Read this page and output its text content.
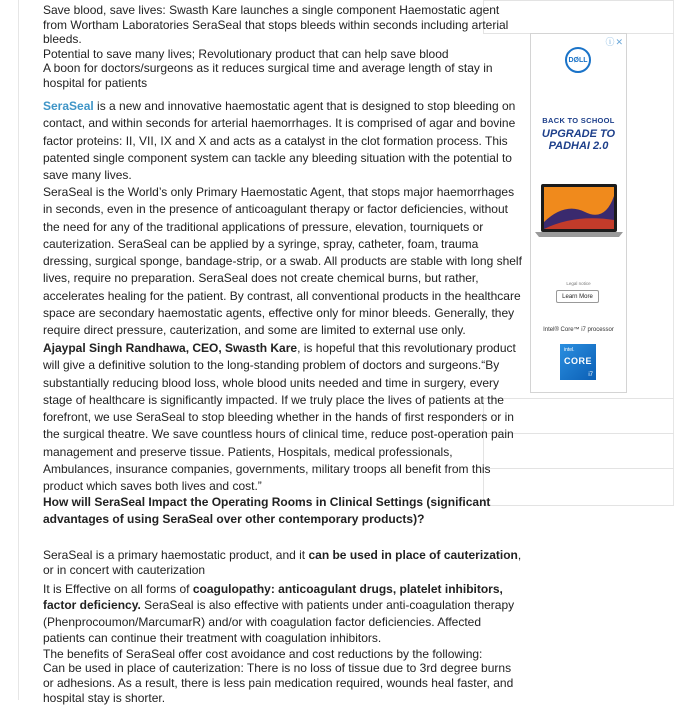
Save blood, save lives: Swasth Kare launches a single component Haemostatic agent from Wortham Laboratories SeraSeal that stops bleeds within seconds including arterial bleeds.

Potential to save many lives; Revolutionary product that can help save blood

A boon for doctors/surgeons as it reduces surgical time and average length of stay in hospital for patients

SeraSeal is a new and innovative haemostatic agent that is designed to stop bleeding on contact, and within seconds for arterial haemorrhages. It is comprised of agar and bovine factor proteins: II, VII, IX and X and acts as a catalyst in the clot formation process. This patented single component system can tackle any bleeding situation with the potential to save many lives.

SeraSeal is the World’s only Primary Haemostatic Agent, that stops major haemorrhages in seconds, even in the presence of anticoagulant therapy or factor deficiencies, without the need for any of the traditional applications of pressure, elevation, tourniquets or cauterization. SeraSeal can be applied by a syringe, spray, catheter, foam, trauma dressing, surgical sponge, bandage-strip, or a swab. All products are stable with long shelf lives, require no preparation. SeraSeal does not create chemical burns, but rather, accelerates healing for the patient. By contrast, all conventional products in the healthcare space are secondary haemostatic agents, effective only for minor bleeds. Generally, they require direct pressure, cauterization, and some are limited to external use only.

Ajaypal Singh Randhawa, CEO, Swasth Kare, is hopeful that this revolutionary product will give a definitive solution to the long-standing problem of doctors and surgeons.“By substantially reducing blood loss, whole blood units needed and time in surgery, every stage of healthcare is significantly impacted. If we truly place the lives of patients at the forefront, we use SeraSeal to stop bleeding whether in the hands of first responders or in the surgical theatre. We save countless hours of clinical time, reduce post-operation pain management and preserve tissue. Patients, Hospitals, medical professionals, Ambulances, insurance companies, governments, military troops all benefit from this product which saves both lives and cost.”

How will SeraSeal Impact the Operating Rooms in Clinical Settings (significant advantages of using SeraSeal over other contemporary products)?

SeraSeal is a primary haemostatic product, and it can be used in place of cauterization, or in concert with cauterization

It is Effective on all forms of coagulopathy: anticoagulant drugs, platelet inhibitors, factor deficiency. SeraSeal is also effective with patients under anti-coagulation therapy (Phenprocoumon/MarcumarR) and/or with coagulation factor deficiencies. Affected patients can continue their treatment with coagulation inhibitors.

The benefits of SeraSeal offer cost avoidance and cost reductions by the following:

Can be used in place of cauterization: There is no loss of tissue due to 3rd degree burns or adhesions. As a result, there is less pain medication required, wounds heal faster, and hospital stay is shorter.

ⓘ✕
DØLL
BACK TO SCHOOL
UPGRADE TO PADHAI 2.0
Legal notice
Learn More
Intel® Core™ i7 processor
intel.
CORE
i7
